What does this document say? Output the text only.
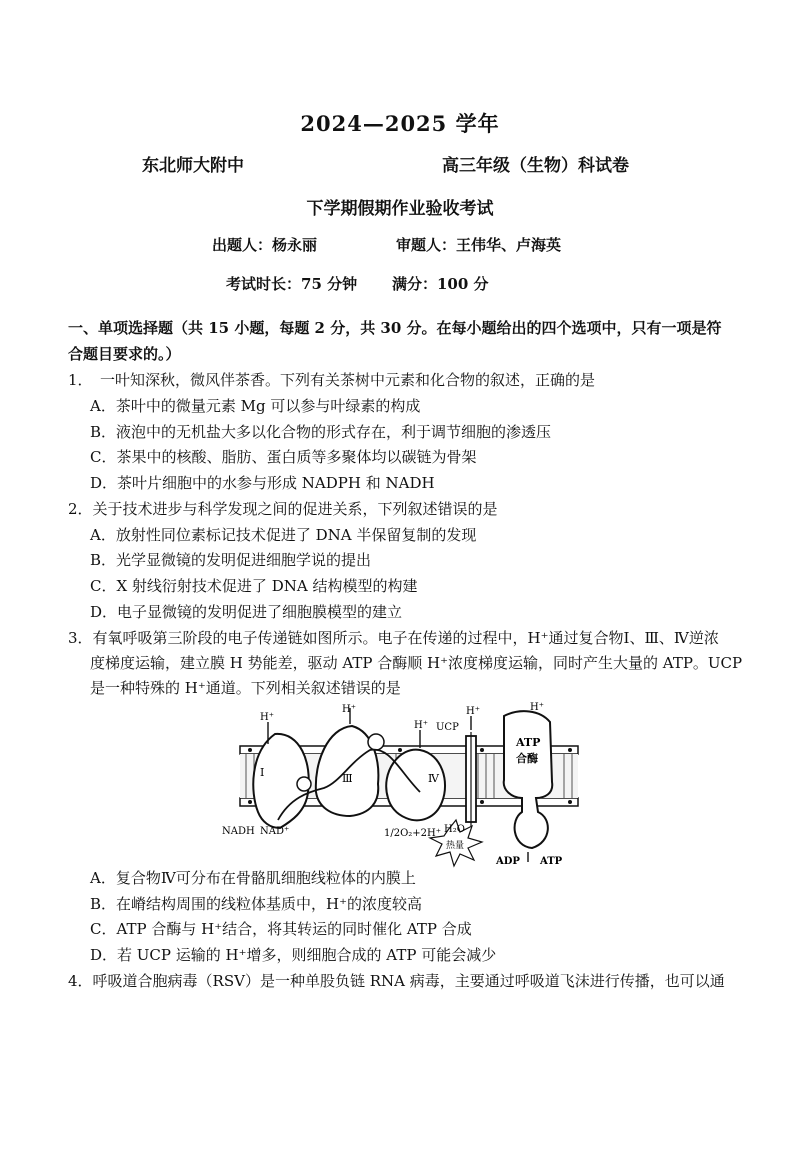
2024—2025 学年
东北师大附中	高三年级（生物）科试卷
下学期假期作业验收考试
出题人：杨永丽	审题人：王伟华、卢海英
考试时长：75 分钟 满分：100 分
一、单项选择题（共 15 小题，每题 2 分，共 30 分。在每小题给出的四个选项中，只有一项是符
合题目要求的。）
1．　一叶知深秋，微风伴茶香。下列有关茶树中元素和化合物的叙述，正确的是
A．茶叶中的微量元素 Mg 可以参与叶绿素的构成
B．液泡中的无机盐大多以化合物的形式存在，利于调节细胞的渗透压
C．茶果中的核酸、脂肪、蛋白质等多聚体均以碳链为骨架
D．茶叶片细胞中的水参与形成 NADPH 和 NADH
2．关于技术进步与科学发现之间的促进关系，下列叙述错误的是
A．放射性同位素标记技术促进了 DNA 半保留复制的发现
B．光学显微镜的发明促进细胞学说的提出
C．X 射线衍射技术促进了 DNA 结构模型的构建
D．电子显微镜的发明促进了细胞膜模型的建立
3．有氧呼吸第三阶段的电子传递链如图所示。电子在传递的过程中，H⁺通过复合物Ⅰ、Ⅲ、Ⅳ逆浓
度梯度运输，建立膜 H 势能差，驱动 ATP 合酶顺 H⁺浓度梯度运输，同时产生大量的 ATP。UCP
是一种特殊的 H⁺通道。下列相关叙述错误的是
H⁺
H⁺
H⁺
H⁺	H⁺
Ⅰ	Ⅲ	Ⅳ
UCP
ATP
合酶
NADH NAD⁺	1/2O₂+2H⁺ H₂O
热量
ADP ATP
A．复合物Ⅳ可分布在骨骼肌细胞线粒体的内膜上
B．在嵴结构周围的线粒体基质中，H⁺的浓度较高
C．ATP 合酶与 H⁺结合，将其转运的同时催化 ATP 合成
D．若 UCP 运输的 H⁺增多，则细胞合成的 ATP 可能会减少
4．呼吸道合胞病毒（RSV）是一种单股负链 RNA 病毒，主要通过呼吸道飞沫进行传播，也可以通
